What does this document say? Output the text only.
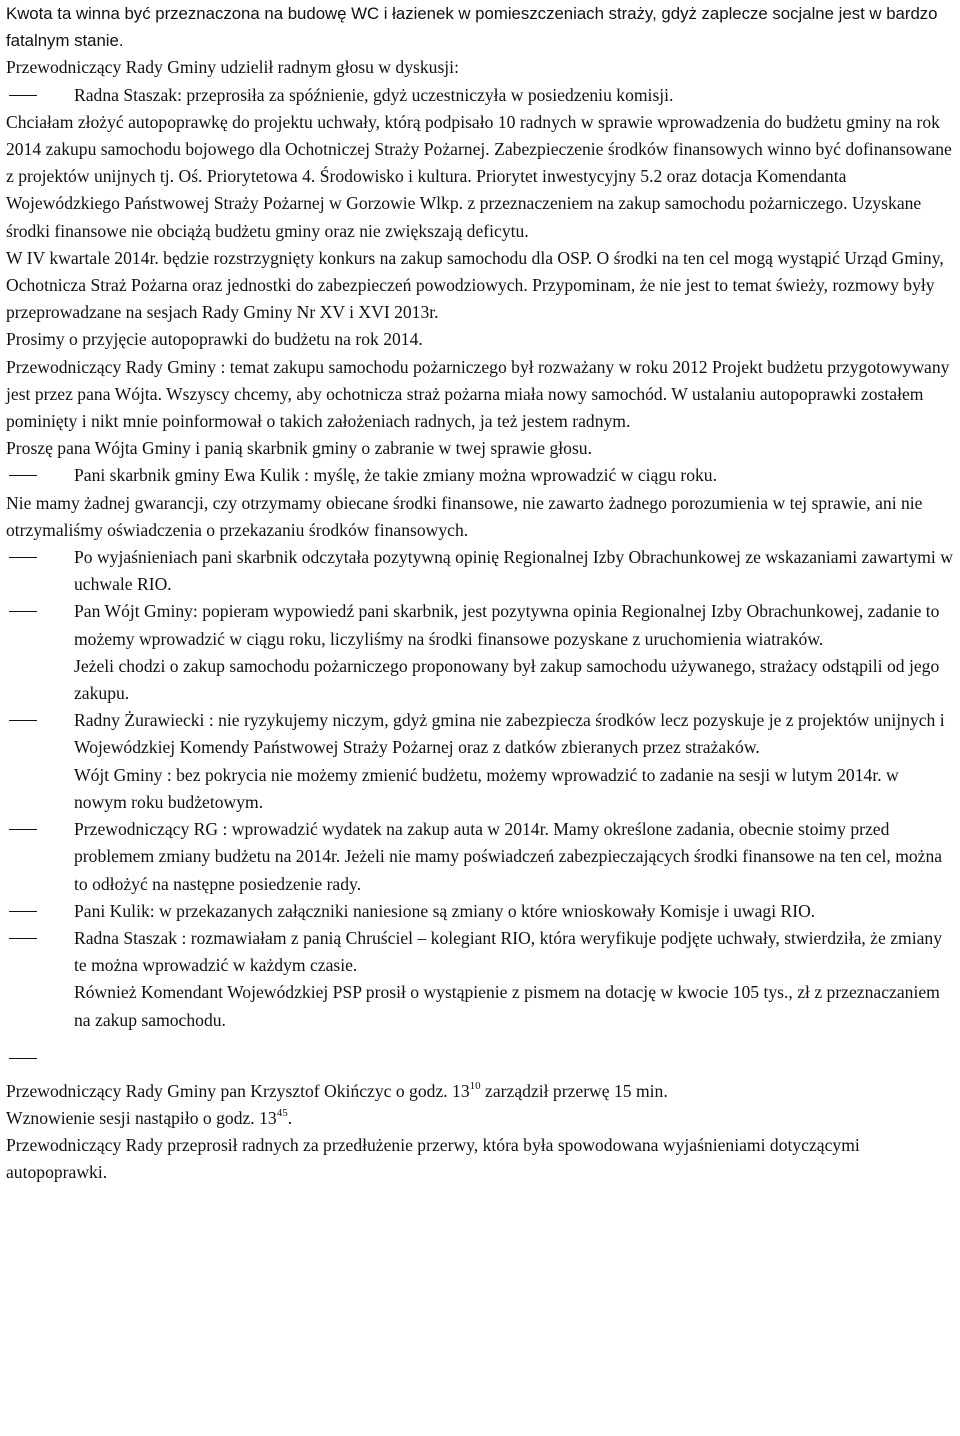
Kwota ta winna być przeznaczona na budowę WC i łazienek w pomieszczeniach straży, gdyż zaplecze socjalne jest w bardzo fatalnym stanie.

Przewodniczący Rady Gminy udzielił radnym głosu w dyskusji:

Radna Staszak: przeprosiła za spóźnienie, gdyż uczestniczyła w posiedzeniu komisji.

Chciałam złożyć autopoprawkę do projektu uchwały, którą podpisało 10 radnych w sprawie wprowadzenia do budżetu gminy na rok 2014 zakupu samochodu bojowego dla Ochotniczej Straży Pożarnej. Zabezpieczenie środków finansowych winno być dofinansowane z projektów unijnych tj. Oś. Priorytetowa 4. Środowisko i kultura. Priorytet inwestycyjny 5.2 oraz dotacja Komendanta Wojewódzkiego Państwowej Straży Pożarnej w Gorzowie Wlkp. z przeznaczeniem na zakup samochodu pożarniczego. Uzyskane środki finansowe nie obciążą budżetu gminy oraz nie zwiększają deficytu.

W IV kwartale 2014r. będzie rozstrzygnięty konkurs na zakup samochodu dla OSP. O środki na ten cel mogą wystąpić Urząd Gminy, Ochotnicza Straż Pożarna oraz jednostki do zabezpieczeń powodziowych. Przypominam, że nie jest to temat świeży, rozmowy były przeprowadzane na sesjach Rady Gminy Nr XV i XVI 2013r.

Prosimy o przyjęcie autopoprawki do budżetu na rok 2014.

Przewodniczący Rady Gminy : temat zakupu samochodu pożarniczego był rozważany w roku 2012 Projekt budżetu przygotowywany jest przez pana Wójta. Wszyscy chcemy, aby ochotnicza straż pożarna miała nowy samochód. W ustalaniu autopoprawki zostałem pominięty i nikt mnie poinformował o takich założeniach radnych, ja też jestem radnym.

Proszę pana Wójta Gminy i panią skarbnik gminy o zabranie w twej sprawie głosu.

Pani skarbnik gminy Ewa Kulik : myślę, że takie zmiany można wprowadzić w ciągu roku.

Nie mamy żadnej gwarancji, czy otrzymamy obiecane środki finansowe, nie zawarto żadnego porozumienia w tej sprawie, ani nie otrzymaliśmy oświadczenia o przekazaniu środków finansowych.

Po wyjaśnieniach pani skarbnik odczytała pozytywną opinię Regionalnej Izby Obrachunkowej ze wskazaniami zawartymi w uchwale RIO.
Pan Wójt Gminy: popieram wypowiedź pani skarbnik, jest pozytywna opinia Regionalnej Izby Obrachunkowej, zadanie to możemy wprowadzić w ciągu roku, liczyliśmy na środki finansowe pozyskane z uruchomienia wiatraków.

Jeżeli chodzi o zakup samochodu pożarniczego proponowany był zakup samochodu używanego, strażacy odstąpili od jego zakupu.

Radny Żurawiecki : nie ryzykujemy niczym, gdyż gminа nie zabezpiecza środków lecz pozyskuje je z projektów unijnych i Wojewódzkiej Komendy Państwowej Straży Pożarnej oraz z datków zbieranych przez strażaków.

Wójt Gminy : bez pokrycia nie możemy zmienić budżetu, możemy wprowadzić to zadanie na sesji w lutym 2014r. w nowym roku budżetowym.

Przewodniczący RG : wprowadzić wydatek na zakup auta w 2014r. Mamy określone zadania, obecnie stoimy przed problemem zmiany budżetu na 2014r. Jeżeli nie mamy poświadczeń zabezpieczających środki finansowe na ten cel, można to odłożyć na następne posiedzenie rady.
Pani Kulik: w przekazanych załączniki naniesione są zmiany o które wnioskowały Komisje i uwagi RIO.
Radna Staszak : rozmawiałam z panią Chruściel – kolegiant RIO, która weryfikuje podjęte uchwały, stwierdziła, że zmiany te można wprowadzić w każdym czasie.

Również Komendant Wojewódzkiej PSP prosił o wystąpienie z pismem na dotację w kwocie 105 tys., zł z przeznaczaniem na zakup samochodu.

Przewodniczący Rady Gminy pan Krzysztof Okińczyc o godz. $13^{10}$ zarządził przerwę 15 min.

Wznowienie sesji nastąpiło o godz. $13^{45}$.

Przewodniczący Rady przeprosił radnych za przedłużenie przerwy, która była spowodowana wyjaśnieniami dotyczącymi autopoprawki.
